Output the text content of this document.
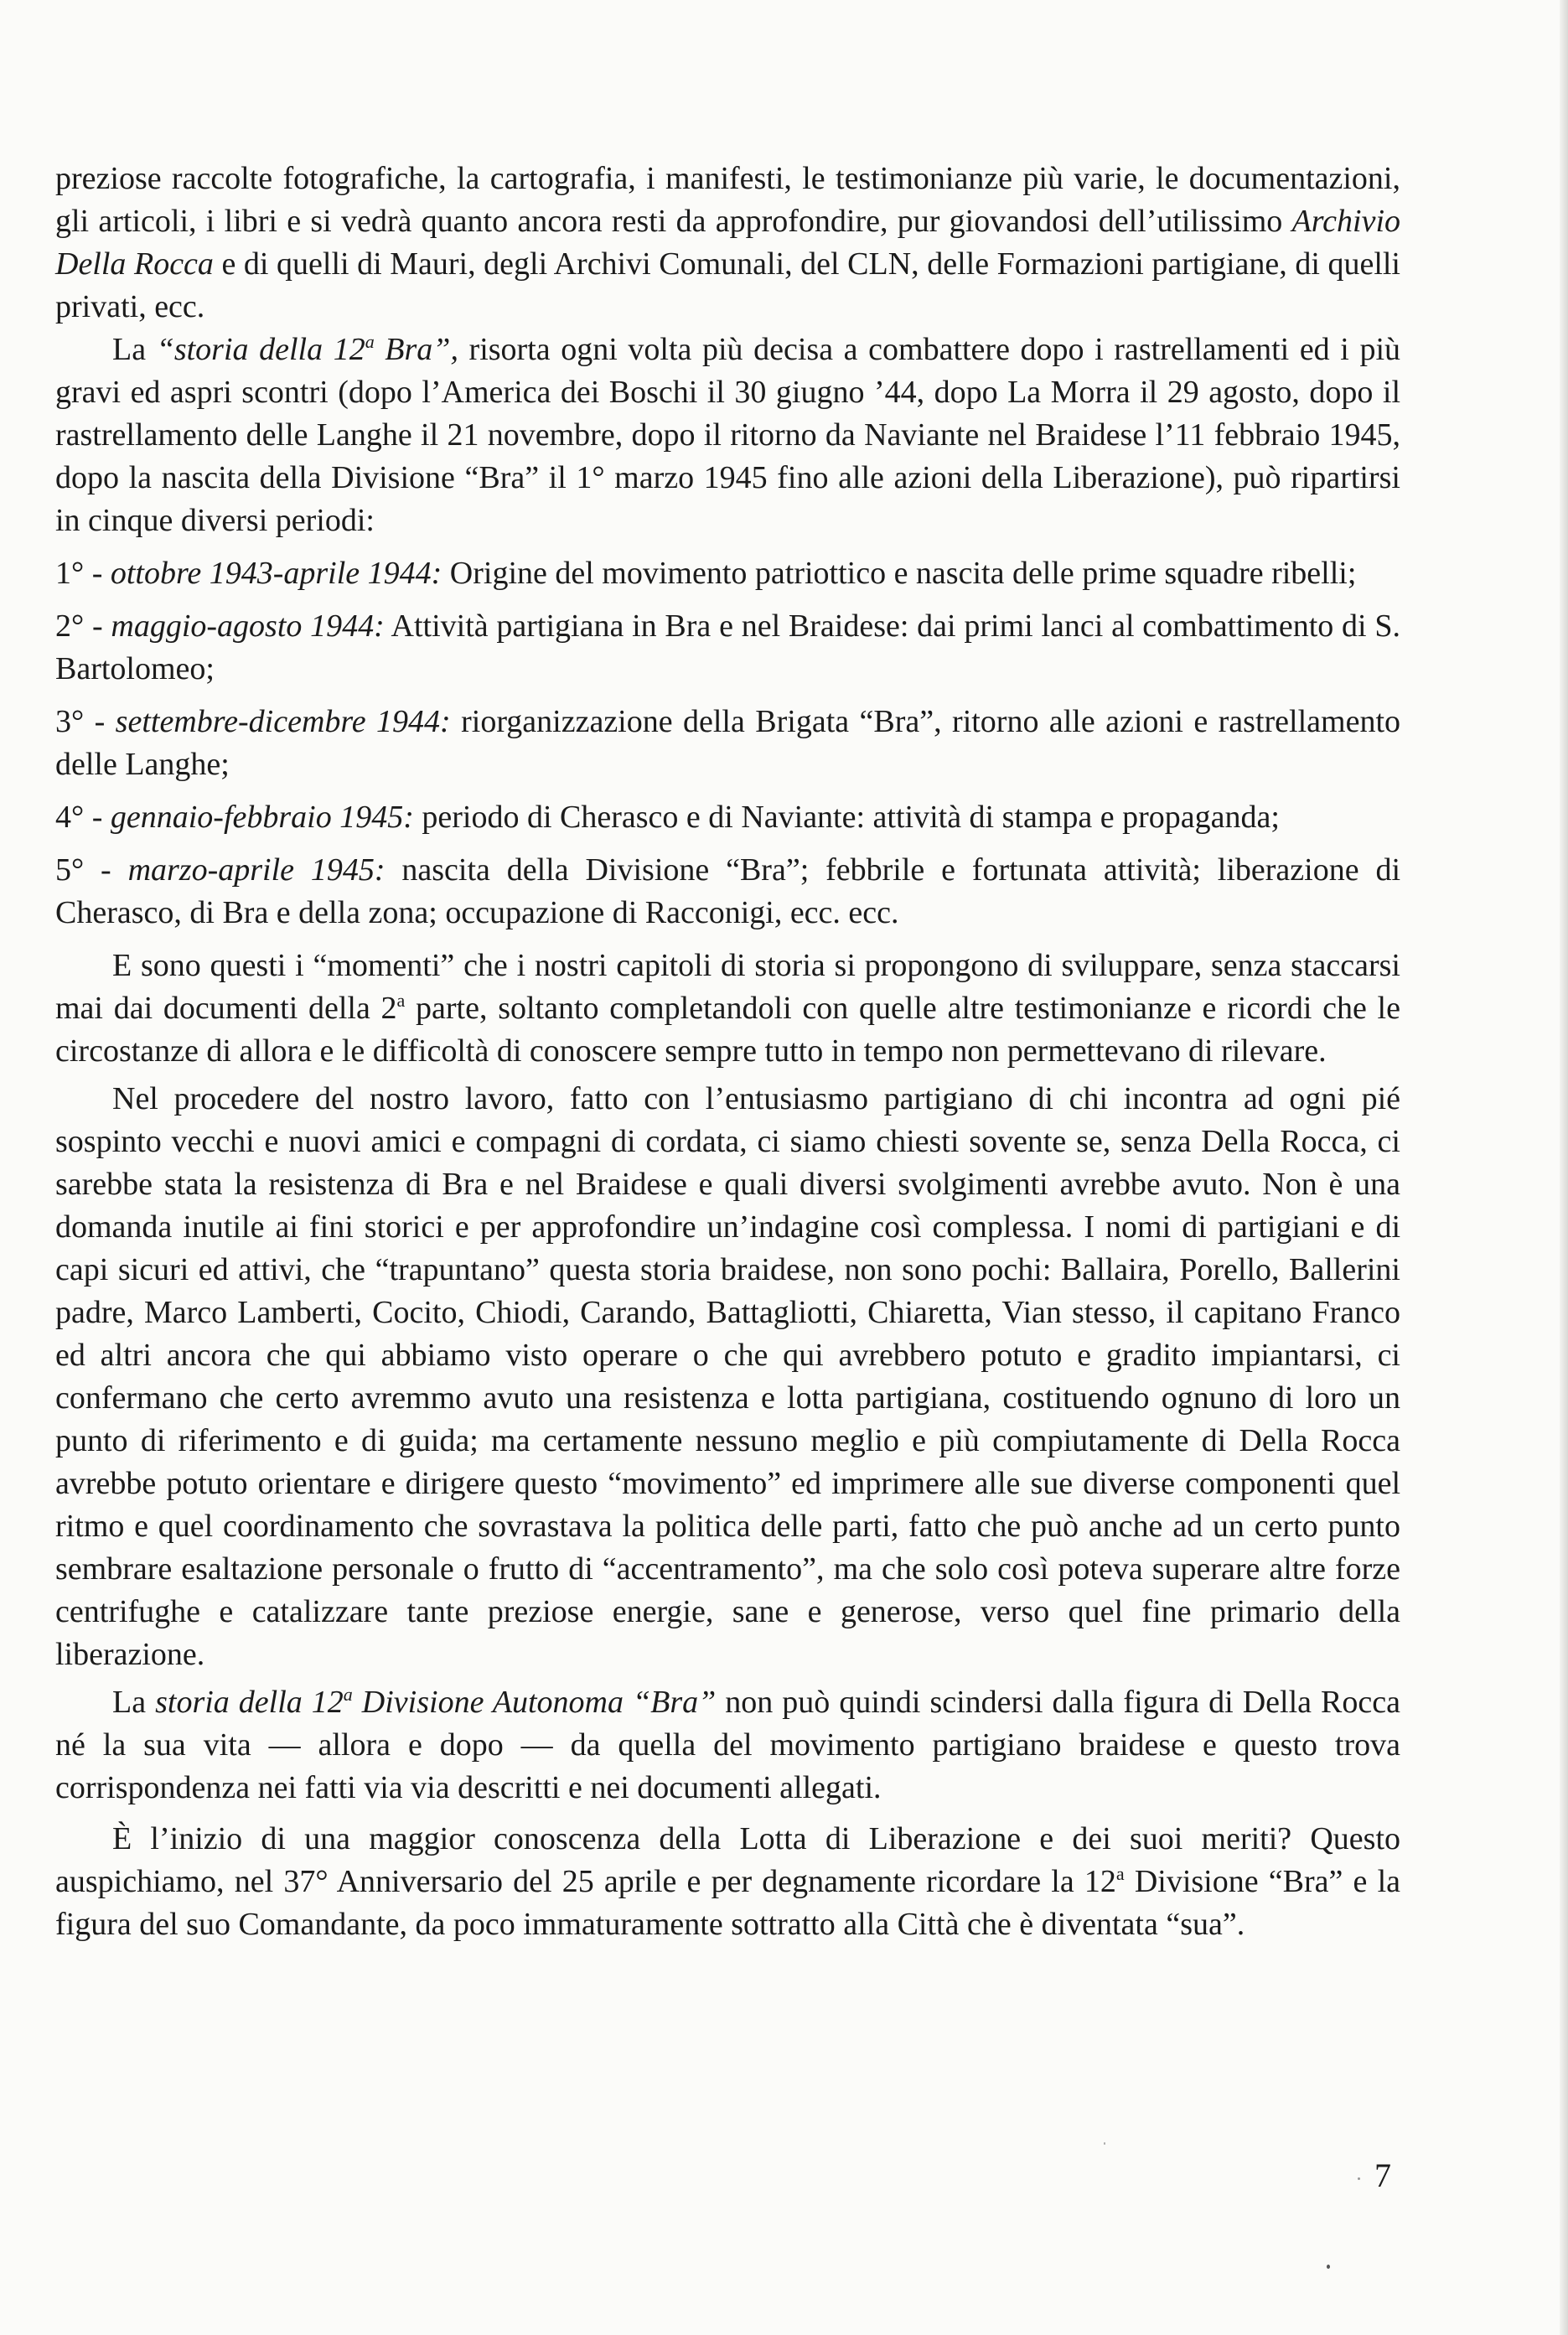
preziose raccolte fotografiche, la cartografia, i manifesti, le testimonianze più varie, le documentazioni, gli articoli, i libri e si vedrà quanto ancora resti da approfondire, pur giovandosi dell’utilissimo Archivio Della Rocca e di quelli di Mauri, degli Archivi Comunali, del CLN, delle Formazioni partigiane, di quelli privati, ecc.

La “storia della 12$^a$ Bra”, risorta ogni volta più decisa a combattere dopo i rastrellamenti ed i più gravi ed aspri scontri (dopo l’America dei Boschi il 30 giugno ’44, dopo La Morra il 29 agosto, dopo il rastrellamento delle Langhe il 21 novembre, dopo il ritorno da Naviante nel Braidese l’11 febbraio 1945, dopo la nascita della Divisione “Bra” il 1° marzo 1945 fino alle azioni della Liberazione), può ripartirsi in cinque diversi periodi:

1° - ottobre 1943-aprile 1944: Origine del movimento patriottico e nascita delle prime squadre ribelli;

2° - maggio-agosto 1944: Attività partigiana in Bra e nel Braidese: dai primi lanci al combattimento di S. Bartolomeo;

3° - settembre-dicembre 1944: riorganizzazione della Brigata “Bra”, ritorno alle azioni e rastrellamento delle Langhe;

4° - gennaio-febbraio 1945: periodo di Cherasco e di Naviante: attività di stampa e propaganda;

5° - marzo-aprile 1945: nascita della Divisione “Bra”; febbrile e fortunata attività; liberazione di Cherasco, di Bra e della zona; occupazione di Racconigi, ecc. ecc.

E sono questi i “momenti” che i nostri capitoli di storia si propongono di sviluppare, senza staccarsi mai dai documenti della 2$^a$ parte, soltanto completandoli con quelle altre testimonianze e ricordi che le circostanze di allora e le difficoltà di conoscere sempre tutto in tempo non permettevano di rilevare.

Nel procedere del nostro lavoro, fatto con l’entusiasmo partigiano di chi incontra ad ogni pié sospinto vecchi e nuovi amici e compagni di cordata, ci siamo chiesti sovente se, senza Della Rocca, ci sarebbe stata la resistenza di Bra e nel Braidese e quali diversi svolgimenti avrebbe avuto. Non è una domanda inutile ai fini storici e per approfondire un’indagine così complessa. I nomi di partigiani e di capi sicuri ed attivi, che “trapuntano” questa storia braidese, non sono pochi: Ballaira, Porello, Ballerini padre, Marco Lamberti, Cocito, Chiodi, Carando, Battagliotti, Chiaretta, Vian stesso, il capitano Franco ed altri ancora che qui abbiamo visto operare o che qui avrebbero potuto e gradito impiantarsi, ci confermano che certo avremmo avuto una resistenza e lotta partigiana, costituendo ognuno di loro un punto di riferimento e di guida; ma certamente nessuno meglio e più compiutamente di Della Rocca avrebbe potuto orientare e dirigere questo “movimento” ed imprimere alle sue diverse componenti quel ritmo e quel coordinamento che sovrastava la politica delle parti, fatto che può anche ad un certo punto sembrare esaltazione personale o frutto di “accentramento”, ma che solo così poteva superare altre forze centrifughe e catalizzare tante preziose energie, sane e generose, verso quel fine primario della liberazione.

La storia della 12$^a$ Divisione Autonoma “Bra” non può quindi scindersi dalla figura di Della Rocca né la sua vita — allora e dopo — da quella del movimento partigiano braidese e questo trova corrispondenza nei fatti via via descritti e nei documenti allegati.

È l’inizio di una maggior conoscenza della Lotta di Liberazione e dei suoi meriti? Questo auspichiamo, nel 37° Anniversario del 25 aprile e per degnamente ricordare la 12$^a$ Divisione “Bra” e la figura del suo Comandante, da poco immaturamente sottratto alla Città che è diventata “sua”.

7
